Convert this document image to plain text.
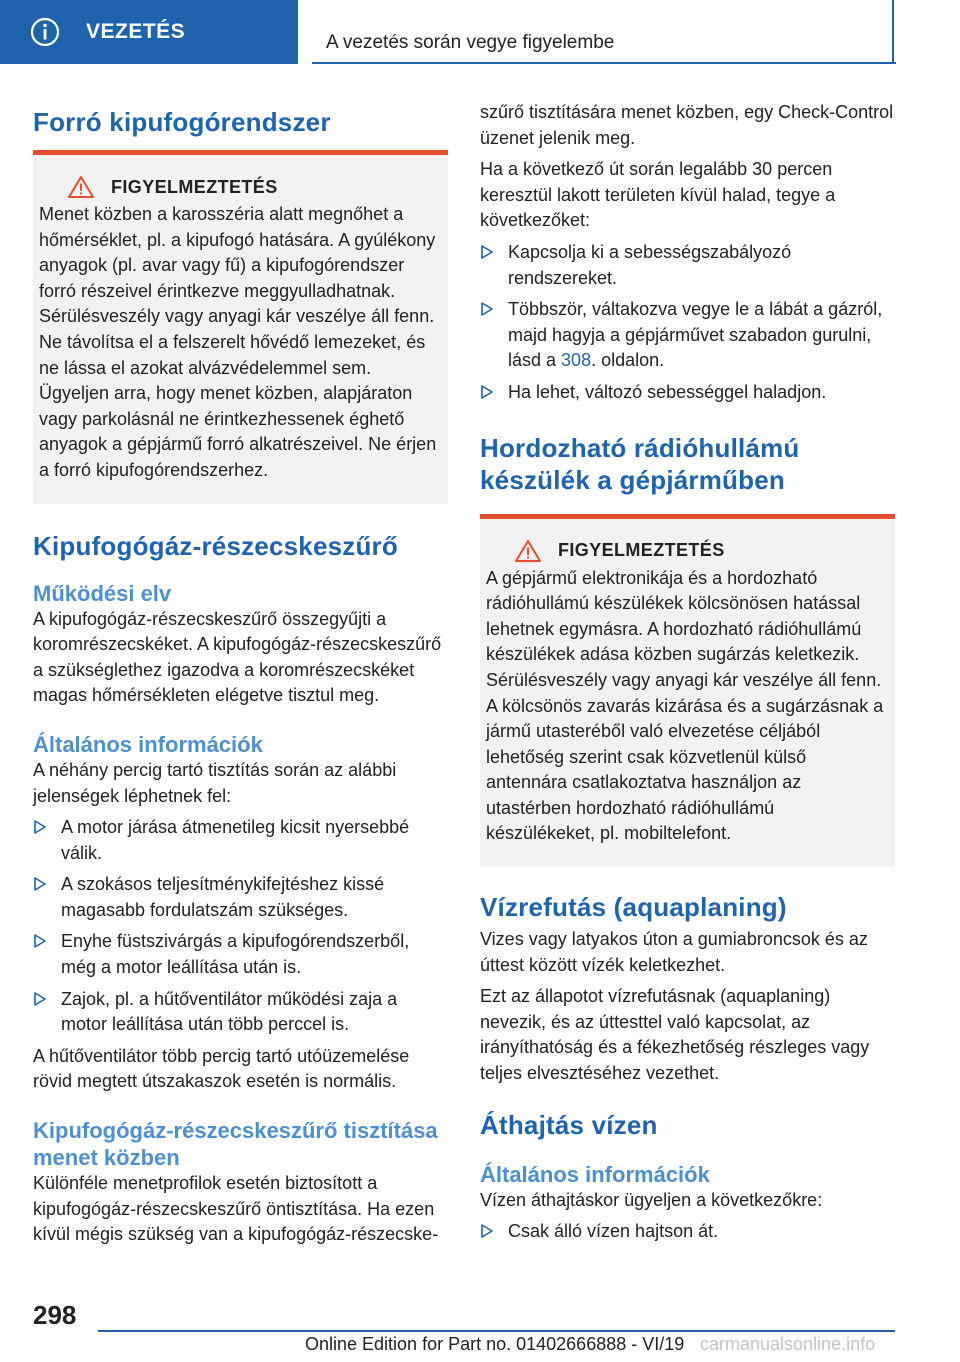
VEZETÉS	A vezetés során vegye figyelembe
Forró kipufogórendszer
FIGYELMEZTETÉS

Menet közben a karosszéria alatt megnőhet a hőmérséklet, pl. a kipufogó hatására. A gyúlékony anyagok (pl. avar vagy fű) a kipufogórendszer forró részeivel érintkezve meggyulladhatnak. Sérülésveszély vagy anyagi kár veszélye áll fenn. Ne távolítsa el a felszerelt hővédő lemezeket, és ne lássa el azokat alvázvédelemmel sem. Ügyeljen arra, hogy menet közben, alapjáraton vagy parkolásnál ne érintkezhessenek éghető anyagok a gépjármű forró alkatrészeivel. Ne érjen a forró kipufogórendszerhez.

Kipufogógáz-részecskeszűrő
Működési elv

A kipufogógáz-részecskeszűrő összegyűjti a koromrészecskéket. A kipufogógáz-részecskeszűrő a szükséglethez igazodva a koromrészecskéket magas hőmérsékleten elégetve tisztul meg.

Általános információk

A néhány percig tartó tisztítás során az alábbi jelenségek léphetnek fel:

A motor járása átmenetileg kicsit nyersebbé válik.
A szokásos teljesítménykifejtéshez kissé magasabb fordulatszám szükséges.
Enyhe füstszivárgás a kipufogórendszerből, még a motor leállítása után is.
Zajok, pl. a hűtőventilátor működési zaja a motor leállítása után több perccel is.

A hűtőventilátor több percig tartó utóüzemelése rövid megtett útszakaszok esetén is normális.

Kipufogógáz-részecskeszűrő tisztítása menet közben

Különféle menetprofilok esetén biztosított a kipufogógáz-részecskeszűrő öntisztítása. Ha ezen kívül mégis szükség van a kipufogógáz-részecske-

szűrő tisztítására menet közben, egy Check-Control üzenet jelenik meg.

Ha a következő út során legalább 30 percen keresztül lakott területen kívül halad, tegye a következőket:

Kapcsolja ki a sebességszabályozó rendszereket.
Többször, váltakozva vegye le a lábát a gázról, majd hagyja a gépjárművet szabadon gurulni, lásd a 308. oldalon.
Ha lehet, változó sebességgel haladjon.
Hordozható rádióhullámú készülék a gépjárműben
FIGYELMEZTETÉS

A gépjármű elektronikája és a hordozható rádióhullámú készülékek kölcsönösen hatással lehetnek egymásra. A hordozható rádióhullámú készülékek adása közben sugárzás keletkezik. Sérülésveszély vagy anyagi kár veszélye áll fenn. A kölcsönös zavarás kizárása és a sugárzásnak a jármű utasteréből való elvezetése céljából lehetőség szerint csak közvetlenül külső antennára csatlakoztatva használjon az utastérben hordozható rádióhullámú készülékeket, pl. mobiltelefont.

Vízrefutás (aquaplaning)

Vizes vagy latyakos úton a gumiabroncsok és az úttest között vízék keletkezhet.

Ezt az állapotot vízrefutásnak (aquaplaning) nevezik, és az úttesttel való kapcsolat, az irányíthatóság és a fékezhetőség részleges vagy teljes elvesztéséhez vezethet.

Áthajtás vízen
Általános információk

Vízen áthajtáskor ügyeljen a következőkre:

Csak álló vízen hajtson át.
298
Online Edition for Part no. 01402666888 - VI/19 carmanualsonline.info
